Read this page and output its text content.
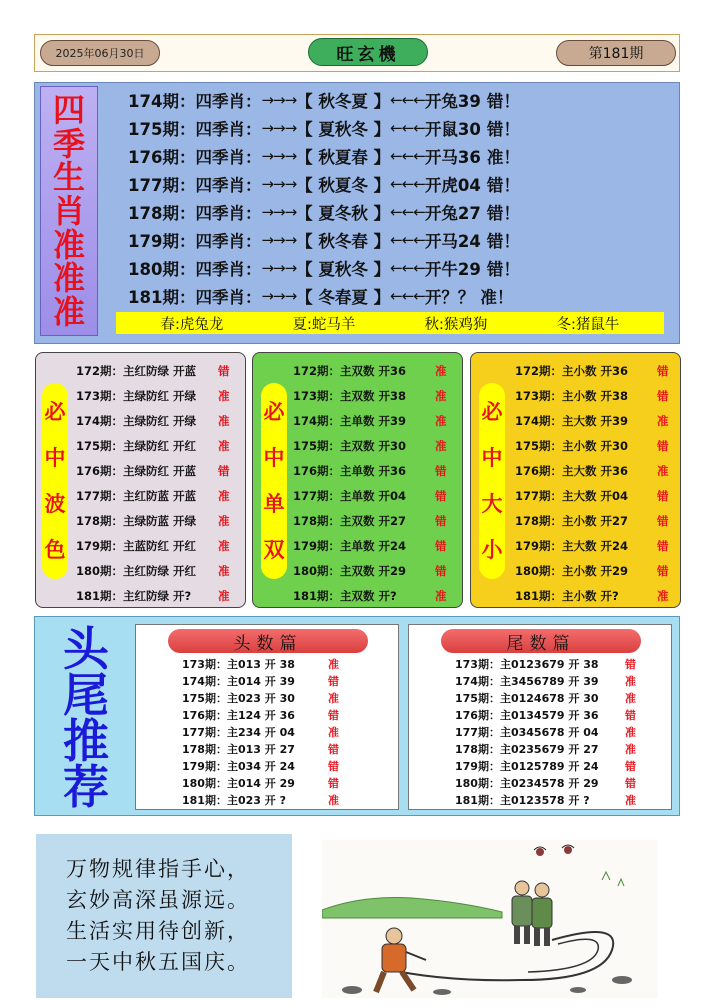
2025年06月30日	旺玄機	第181期
四
季
生
肖
准
准
准
174期： 四季肖： →→→ 【 秋冬夏 】 ←←← 开兔39 错！
175期： 四季肖： →→→ 【 夏秋冬 】 ←←← 开鼠30 错！
176期： 四季肖： →→→ 【 秋夏春 】 ←←← 开马36 准！
177期： 四季肖： →→→ 【 秋夏冬 】 ←←← 开虎04 错！
178期： 四季肖： →→→ 【 夏冬秋 】 ←←← 开兔27 错！
179期： 四季肖： →→→ 【 秋冬春 】 ←←← 开马24 错！
180期： 四季肖： →→→ 【 夏秋冬 】 ←←← 开牛29 错！
181期： 四季肖： →→→ 【 冬春夏 】 ←←← 开？？ 准！
春:虎兔龙	夏:蛇马羊	秋:猴鸡狗	冬:猪鼠牛
必
中
波
色
172期：主红防绿 开蓝	错
173期：主绿防红 开绿	准
174期：主绿防红 开绿	准
175期：主绿防红 开红	准
176期：主绿防红 开蓝	错
177期：主红防蓝 开蓝	准
178期：主绿防蓝 开绿	准
179期：主蓝防红 开红	准
180期：主红防绿 开红	准
181期：主红防绿 开?	准
必
中
单
双
172期：主双数 开36	准
173期：主双数 开38	准
174期：主单数 开39	准
175期：主双数 开30	准
176期：主单数 开36	错
177期：主单数 开04	错
178期：主双数 开27	错
179期：主单数 开24	错
180期：主双数 开29	错
181期：主双数 开?	准
必
中
大
小
172期：主小数 开36	错
173期：主小数 开38	错
174期：主大数 开39	准
175期：主小数 开30	错
176期：主大数 开36	准
177期：主大数 开04	错
178期：主小数 开27	错
179期：主大数 开24	错
180期：主小数 开29	错
181期：主小数 开?	准
头
尾
推
荐
头数篇
173期：主013 开 38	准
174期：主014 开 39	错
175期：主023 开 30	准
176期：主124 开 36	错
177期：主234 开 04	准
178期：主013 开 27	错
179期：主034 开 24	错
180期：主014 开 29	错
181期：主023 开 ?	准
尾数篇
173期：主0123679 开 38	错
174期：主3456789 开 39	准
175期：主0124678 开 30	准
176期：主0134579 开 36	错
177期：主0345678 开 04	准
178期：主0235679 开 27	准
179期：主0125789 开 24	错
180期：主0234578 开 29	错
181期：主0123578 开 ?	准
万物规律指手心，
玄妙高深虽源远。
生活实用待创新，
一天中秋五国庆。
